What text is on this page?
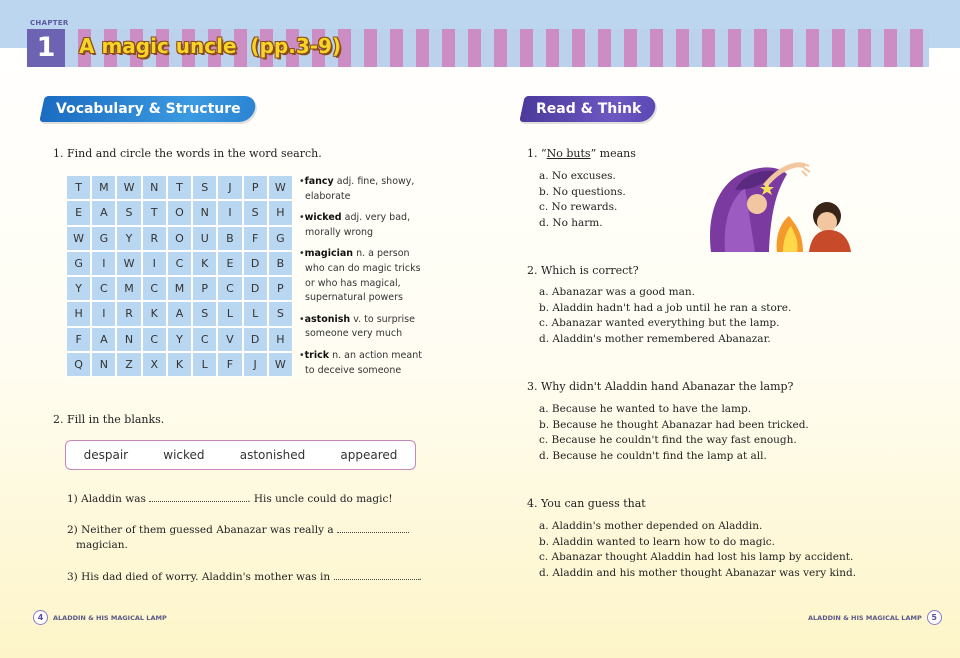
CHAPTER
1	A magic uncle  (pp.3-9)
Vocabulary & Structure
1. Find and circle the words in the word search.
T	M	W	N	T	S	J	P	W
E	A	S	T	O	N	I	S	H
W	G	Y	R	O	U	B	F	G
G	I	W	I	C	K	E	D	B
Y	C	M	C	M	P	C	D	P
H	I	R	K	A	S	L	L	S
F	A	N	C	Y	C	V	D	H
Q	N	Z	X	K	L	F	J	W
•fancy adj. fine, showy,
elaborate
•wicked adj. very bad,
morally wrong
•magician n. a person
who can do magic tricks
or who has magical,
supernatural powers
•astonish v. to surprise
someone very much
•trick n. an action meant
to deceive someone
2. Fill in the blanks.
despair	wicked	astonished	appeared
1) Aladdin was	. His uncle could do magic!
2) Neither of them guessed Abanazar was really a
magician.
3) His dad died of worry. Aladdin's mother was in	.
4	ALADDIN & HIS MAGICAL LAMP
Read & Think
1. “No buts” means
a. No excuses.
b. No questions.
c. No rewards.
d. No harm.
2. Which is correct?
a. Abanazar was a good man.
b. Aladdin hadn't had a job until he ran a store.
c. Abanazar wanted everything but the lamp.
d. Aladdin's mother remembered Abanazar.
3. Why didn't Aladdin hand Abanazar the lamp?
a. Because he wanted to have the lamp.
b. Because he thought Abanazar had been tricked.
c. Because he couldn't find the way fast enough.
d. Because he couldn't find the lamp at all.
4. You can guess that
a. Aladdin's mother depended on Aladdin.
b. Aladdin wanted to learn how to do magic.
c. Abanazar thought Aladdin had lost his lamp by accident.
d. Aladdin and his mother thought Abanazar was very kind.
ALADDIN & HIS MAGICAL LAMP	5
